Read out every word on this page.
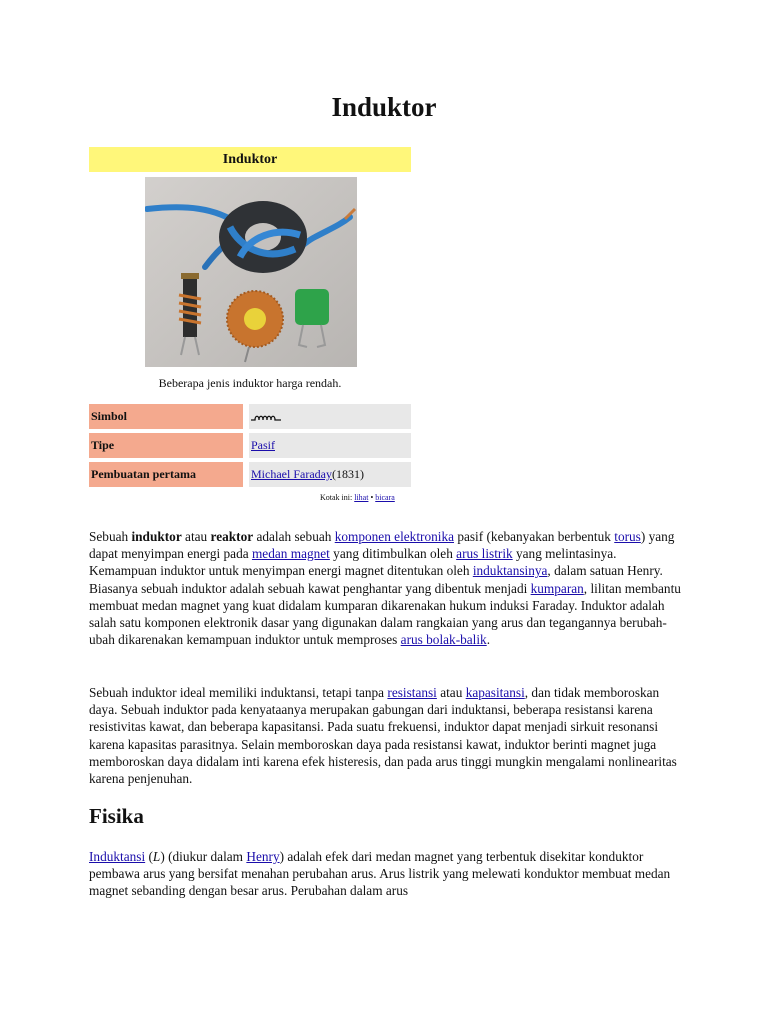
Induktor
Induktor
Beberapa jenis induktor harga rendah.
Simbol
Tipe	Pasif
Pembuatan pertama	Michael Faraday(1831)
Kotak ini: lihat • bicara

Sebuah induktor atau reaktor adalah sebuah komponen elektronika pasif (kebanyakan berbentuk torus) yang dapat menyimpan energi pada medan magnet yang ditimbulkan oleh arus listrik yang melintasinya. Kemampuan induktor untuk menyimpan energi magnet ditentukan oleh induktansinya, dalam satuan Henry. Biasanya sebuah induktor adalah sebuah kawat penghantar yang dibentuk menjadi kumparan, lilitan membantu membuat medan magnet yang kuat didalam kumparan dikarenakan hukum induksi Faraday. Induktor adalah salah satu komponen elektronik dasar yang digunakan dalam rangkaian yang arus dan tegangannya berubah-ubah dikarenakan kemampuan induktor untuk memproses arus bolak-balik.

Sebuah induktor ideal memiliki induktansi, tetapi tanpa resistansi atau kapasitansi, dan tidak memboroskan daya. Sebuah induktor pada kenyataanya merupakan gabungan dari induktansi, beberapa resistansi karena resistivitas kawat, dan beberapa kapasitansi. Pada suatu frekuensi, induktor dapat menjadi sirkuit resonansi karena kapasitas parasitnya. Selain memboroskan daya pada resistansi kawat, induktor berinti magnet juga memboroskan daya didalam inti karena efek histeresis, dan pada arus tinggi mungkin mengalami nonlinearitas karena penjenuhan.

Fisika

Induktansi (L) (diukur dalam Henry) adalah efek dari medan magnet yang terbentuk disekitar konduktor pembawa arus yang bersifat menahan perubahan arus. Arus listrik yang melewati konduktor membuat medan magnet sebanding dengan besar arus. Perubahan dalam arus
